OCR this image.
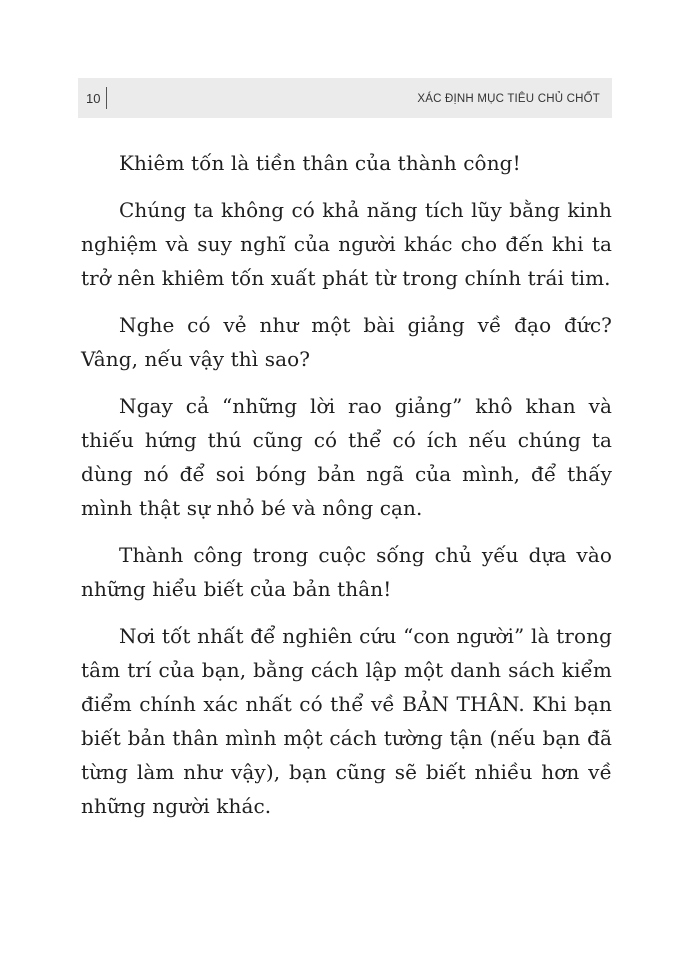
10	XÁC ĐỊNH MỤC TIÊU CHỦ CHỐT

Khiêm tốn là tiền thân của thành công!

Chúng ta không có khả năng tích lũy bằng kinh nghiệm và suy nghĩ của người khác cho đến khi ta trở nên khiêm tốn xuất phát từ trong chính trái tim.

Nghe có vẻ như một bài giảng về đạo đức? Vâng, nếu vậy thì sao?

Ngay cả “những lời rao giảng” khô khan và thiếu hứng thú cũng có thể có ích nếu chúng ta dùng nó để soi bóng bản ngã của mình, để thấy mình thật sự nhỏ bé và nông cạn.

Thành công trong cuộc sống chủ yếu dựa vào những hiểu biết của bản thân!

Nơi tốt nhất để nghiên cứu “con người” là trong tâm trí của bạn, bằng cách lập một danh sách kiểm điểm chính xác nhất có thể về BẢN THÂN. Khi bạn biết bản thân mình một cách tường tận (nếu bạn đã từng làm như vậy), bạn cũng sẽ biết nhiều hơn về những người khác.
